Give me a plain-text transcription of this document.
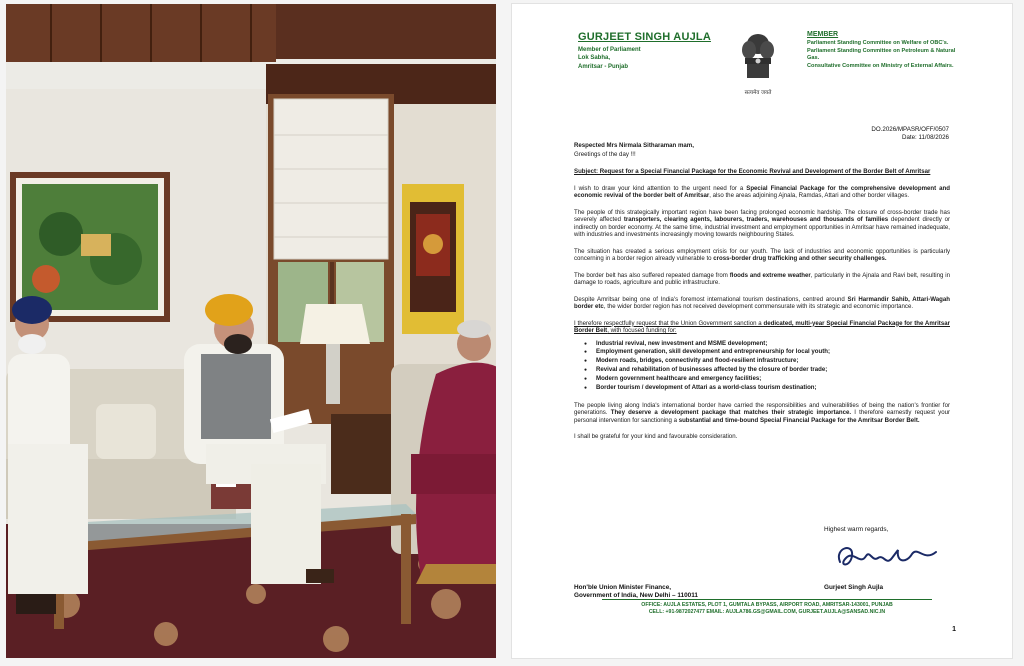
GURJEET SINGH AUJLA
Member of Parliament
Lok Sabha,
Amritsar - Punjab
सत्यमेव जयते
MEMBER
Parliament Standing Committee on Welfare of OBC's.
Parliament Standing Committee on Petroleum & Natural Gas.
Consultative Committee on Ministry of External Affairs.
DO.2026/MPASR/OFF/0507
Date: 11/08/2026
Respected Mrs Nirmala Sitharaman mam,
Greetings of the day !!!
Subject: Request for a Special Financial Package for the Economic Revival and Development of the Border Belt of Amritsar
I wish to draw your kind attention to the urgent need for a Special Financial Package for the comprehensive development and economic revival of the border belt of Amritsar, also the areas adjoining Ajnala, Ramdas, Attari and other border villages.
The people of this strategically important region have been facing prolonged economic hardship. The closure of cross-border trade has severely affected transporters, clearing agents, labourers, traders, warehouses and thousands of families dependent directly or indirectly on border economy. At the same time, industrial investment and employment opportunities in Amritsar have remained inadequate, with industries and investments increasingly moving towards neighbouring States.
The situation has created a serious employment crisis for our youth. The lack of industries and economic opportunities is particularly concerning in a border region already vulnerable to cross-border drug trafficking and other security challenges.
The border belt has also suffered repeated damage from floods and extreme weather, particularly in the Ajnala and Ravi belt, resulting in damage to roads, agriculture and public infrastructure.
Despite Amritsar being one of India's foremost international tourism destinations, centred around Sri Harmandir Sahib, Attari-Wagah border etc, the wider border region has not received development commensurate with its strategic and economic importance.
I therefore respectfully request that the Union Government sanction a dedicated, multi-year Special Financial Package for the Amritsar Border Belt, with focused funding for:
● Industrial revival, new investment and MSME development;
● Employment generation, skill development and entrepreneurship for local youth;
● Modern roads, bridges, connectivity and flood-resilient infrastructure;
● Revival and rehabilitation of businesses affected by the closure of border trade;
● Modern government healthcare and emergency facilities;
● Border tourism / development of Attari as a world-class tourism destination;
The people living along India's international border have carried the responsibilities and vulnerabilities of being the nation's frontier for generations. They deserve a development package that matches their strategic importance. I therefore earnestly request your personal intervention for sanctioning a substantial and time-bound Special Financial Package for the Amritsar Border Belt.
I shall be grateful for your kind and favourable consideration.
Highest warm regards,
Gurjeet Singh Aujla
Hon'ble Union Minister Finance,
Government of India, New Delhi – 110011
OFFICE: AUJLA ESTATES, PLOT 1, GUMTALA BYPASS, AIRPORT ROAD, AMRITSAR-143001, PUNJAB
CELL: +91-9872027477 EMAIL: AUJLA786.GS@GMAIL.COM, GURJEET.AUJLA@SANSAD.NIC.IN
1
